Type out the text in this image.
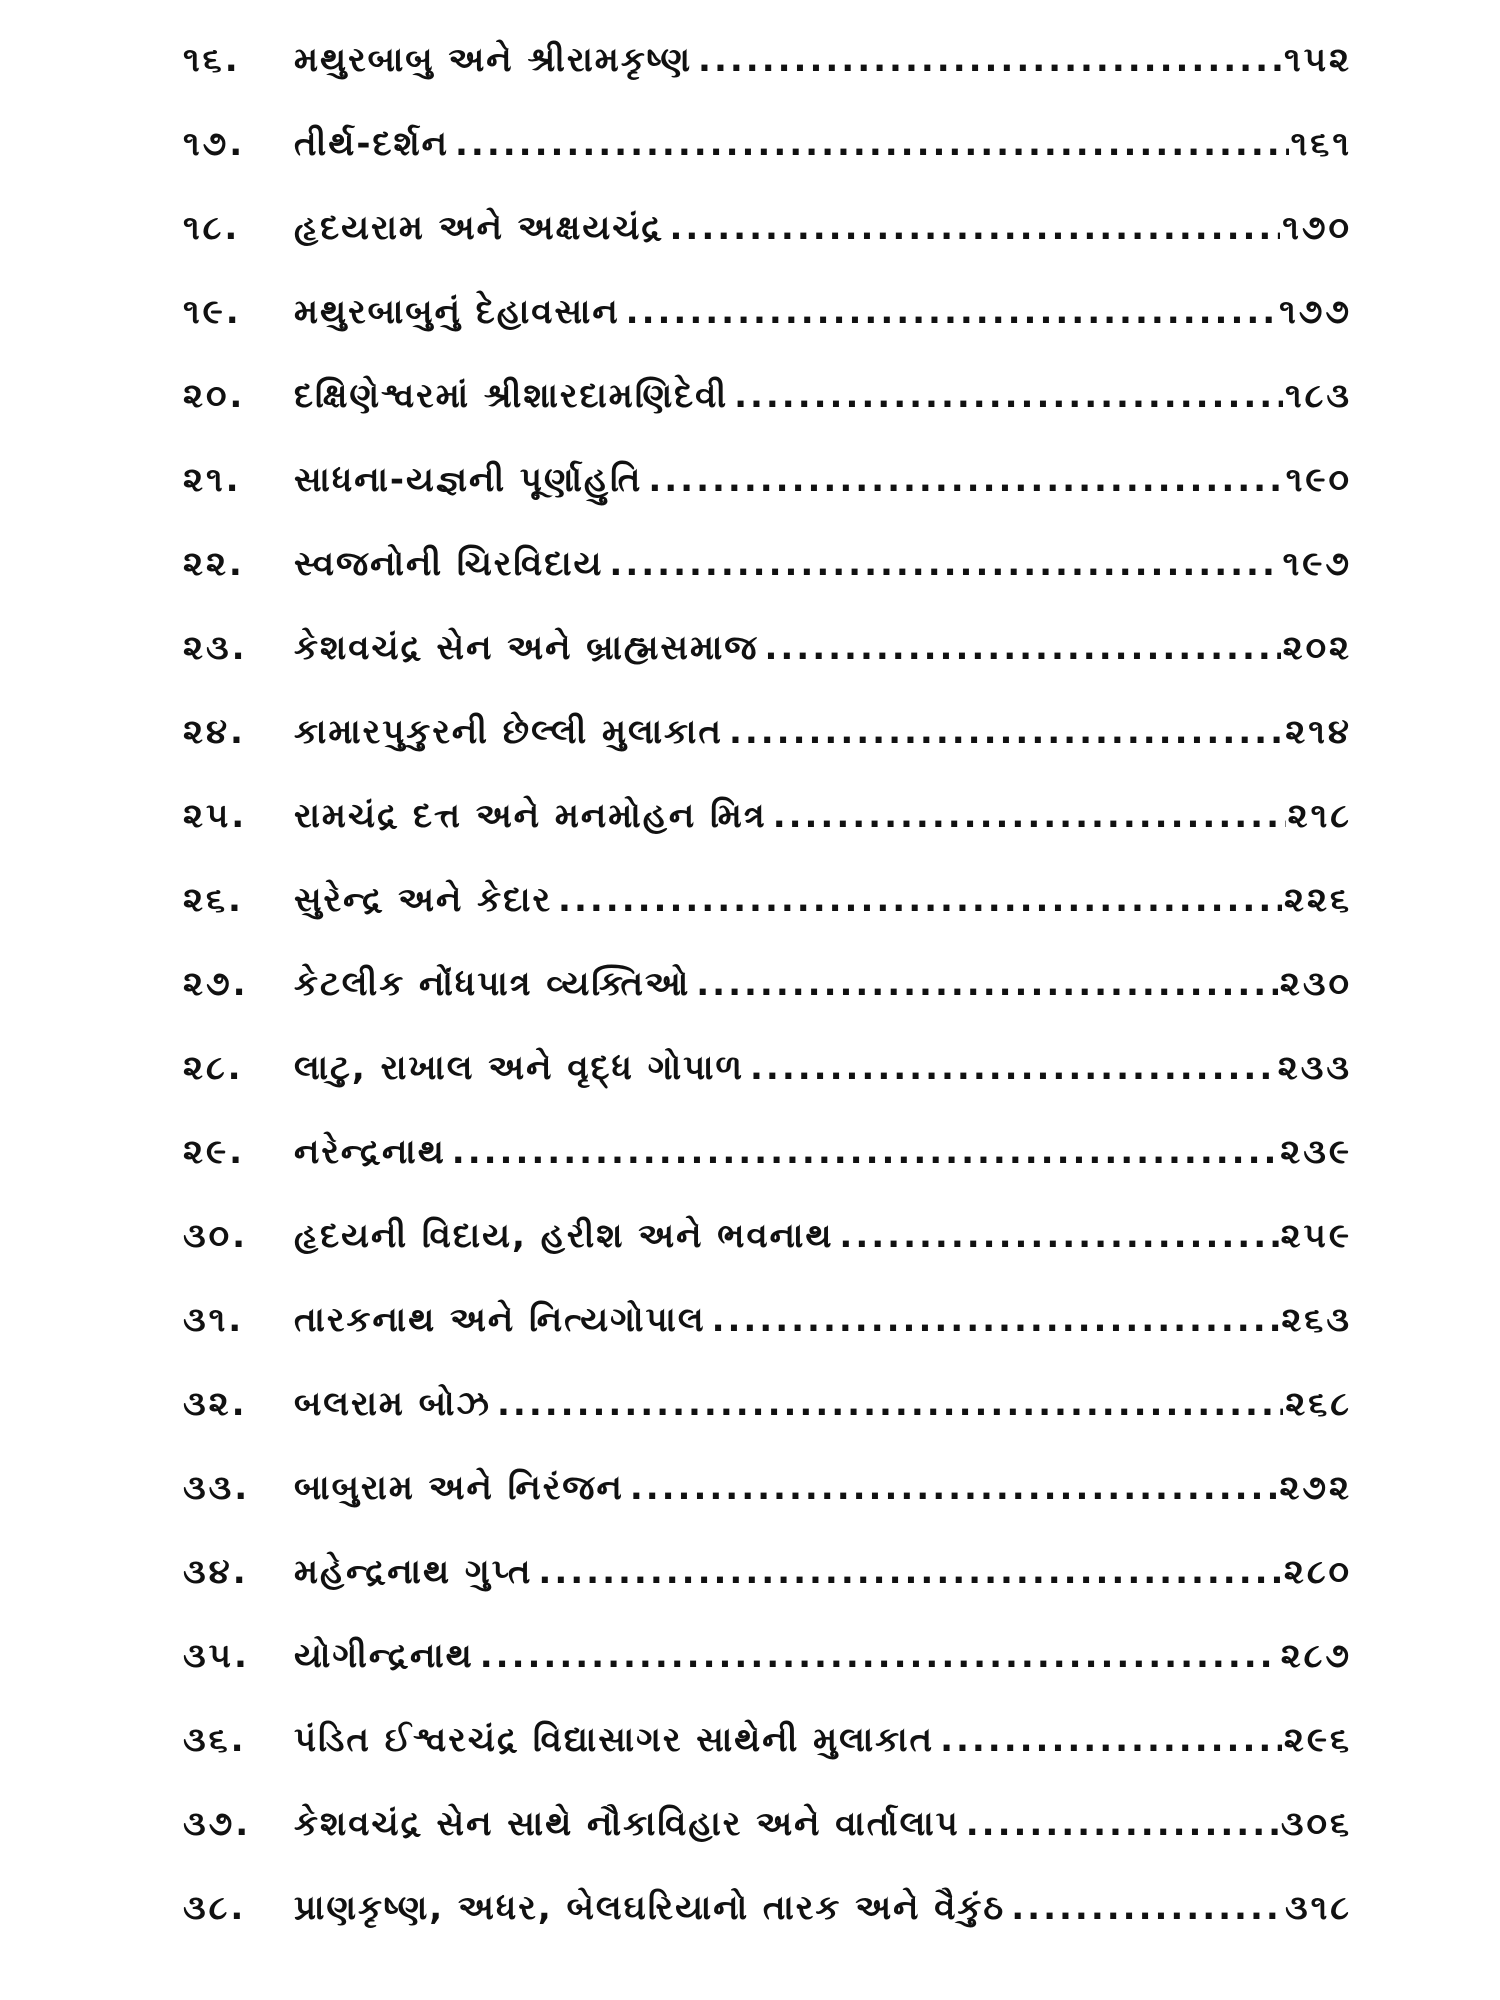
૧૬.	મથુરબાબુ અને શ્રીરામકૃષ્ણ .....	૧૫૨
૧૭.	તીર્થ-દર્શન .....	૧૬૧
૧૮.	હૃદયરામ અને અક્ષયચંદ્ર .....	૧૭૦
૧૯.	મથુરબાબુનું દેહાવસાન .....	૧૭૭
૨૦.	દક્ષિણેશ્વરમાં શ્રીશારદામણિદેવી .....	૧૮૩
૨૧.	સાધના-યજ્ઞની પૂર્ણાહુતિ .....	૧૯૦
૨૨.	સ્વજનોની ચિરવિદાય .....	૧૯૭
૨૩.	કેશવચંદ્ર સેન અને બ્રાહ્મસમાજ .....	૨૦૨
૨૪.	કામારપુકુરની છેલ્લી મુલાકાત .....	૨૧૪
૨૫.	રામચંદ્ર દત્ત અને મનમોહન મિત્ર .....	૨૧૮
૨૬.	સુરેન્દ્ર અને કેદાર .....	૨૨૬
૨૭.	કેટલીક નોંધપાત્ર વ્યક્તિઓ .....	૨૩૦
૨૮.	લાટુ, રાખાલ અને વૃદ્ધ ગોપાળ .....	૨૩૩
૨૯.	નરેન્દ્રનાથ .....	૨૩૯
૩૦.	હૃદયની વિદાય, હરીશ અને ભવનાથ .....	૨૫૯
૩૧.	તારકનાથ અને નિત્યગોપાલ .....	૨૬૩
૩૨.	બલરામ બોઝ .....	૨૬૮
૩૩.	બાબુરામ અને નિરંજન .....	૨૭૨
૩૪.	મહેન્દ્રનાથ ગુપ્ત .....	૨૮૦
૩૫.	યોગીન્દ્રનાથ .....	૨૮૭
૩૬.	પંડિત ઈશ્વરચંદ્ર વિદ્યાસાગર સાથેની મુલાકાત .....	૨૯૬
૩૭.	કેશવચંદ્ર સેન સાથે નૌકાવિહાર અને વાર્તાલાપ .....	૩૦૬
૩૮.	પ્રાણકૃષ્ણ, અધર, બેલઘરિયાનો તારક અને વૈકુંઠ .....	૩૧૮
